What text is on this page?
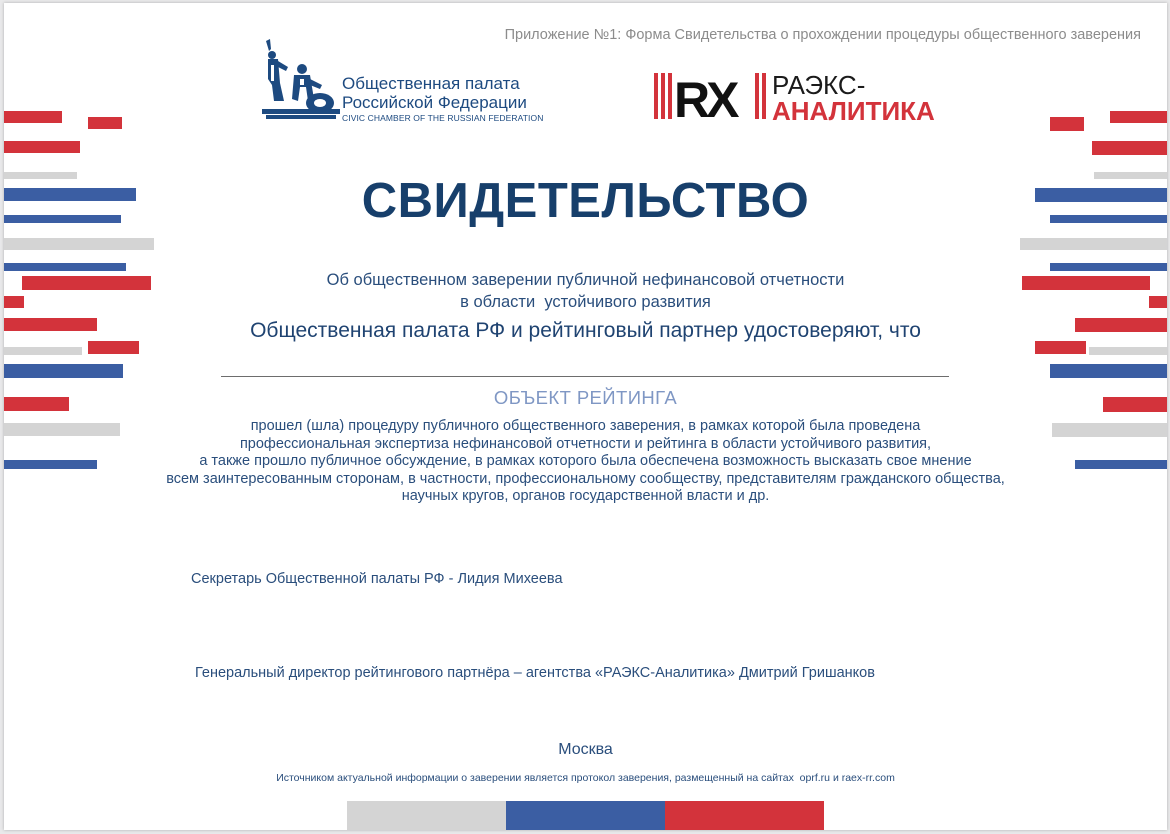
Приложение №1: Форма Свидетельства о прохождении процедуры общественного заверения
Общественная палата
Российской Федерации
CIVIC CHAMBER OF THE RUSSIAN FEDERATION	RX РАЭКС-
АНАЛИТИКА
СВИДЕТЕЛЬСТВО
Об общественном заверении публичной нефинансовой отчетности
в области  устойчивого развития
Общественная палата РФ и рейтинговый партнер удостоверяют, что
ОБЪЕКТ РЕЙТИНГА
прошел (шла) процедуру публичного общественного заверения, в рамках которой была проведена
профессиональная экспертиза нефинансовой отчетности и рейтинга в области устойчивого развития,
а также прошло публичное обсуждение, в рамках которого была обеспечена возможность высказать свое мнение
всем заинтересованным сторонам, в частности, профессиональному сообществу, представителям гражданского общества,
научных кругов, органов государственной власти и др.
Секретарь Общественной палаты РФ - Лидия Михеева
Генеральный директор рейтингового партнёра – агентства «РАЭКС-Аналитика» Дмитрий Гришанков
Москва
Источником актуальной информации о заверении является протокол заверения, размещенный на сайтах  oprf.ru и raex-rr.com
